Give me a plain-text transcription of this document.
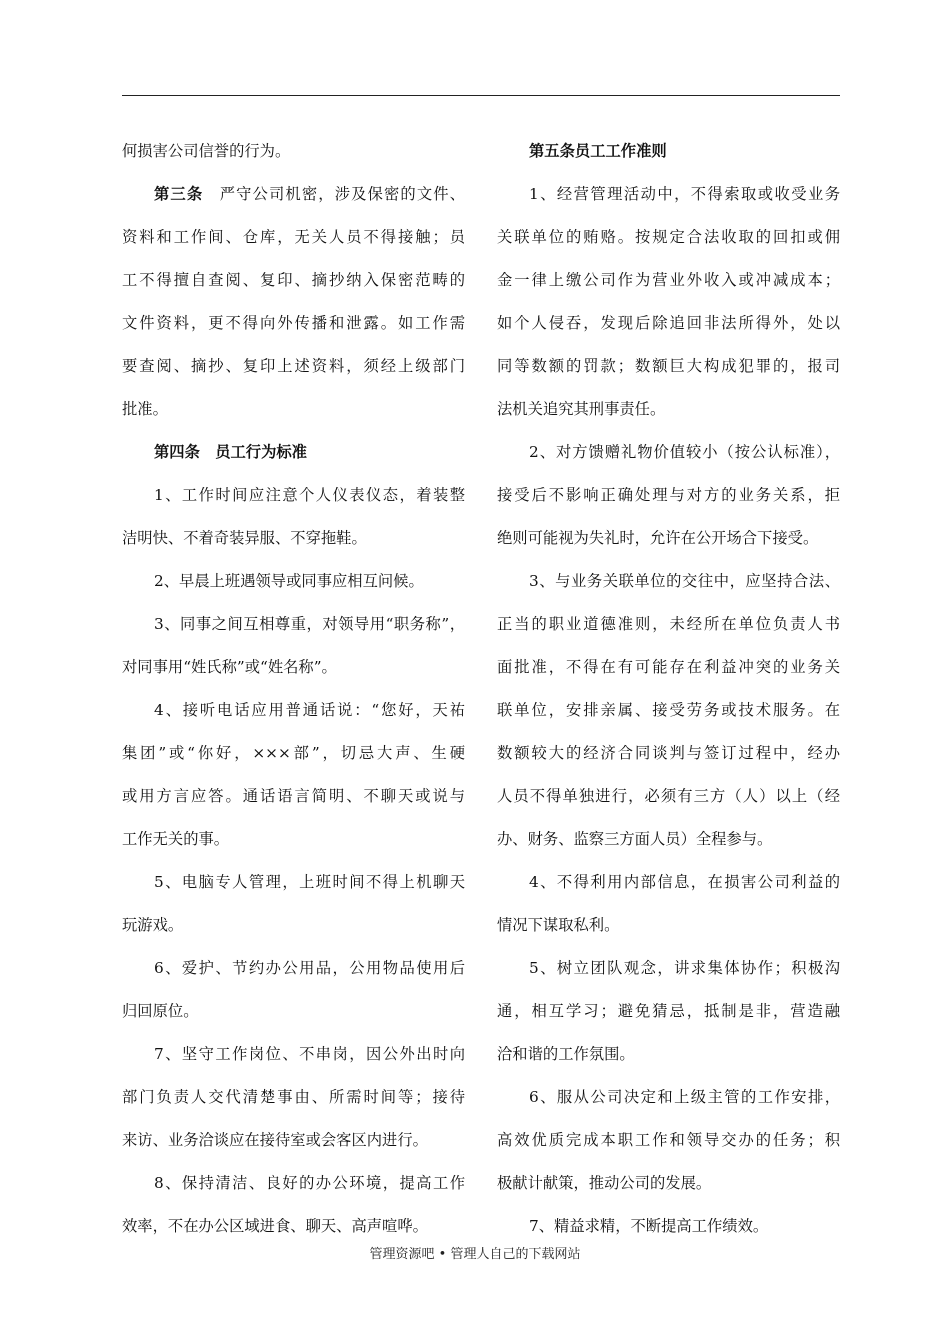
何损害公司信誉的行为。
第三条　严守公司机密，涉及保密的文件、
资料和工作间、仓库，无关人员不得接触；员
工不得擅自查阅、复印、摘抄纳入保密范畴的
文件资料，更不得向外传播和泄露。如工作需
要查阅、摘抄、复印上述资料，须经上级部门
批准。
第四条　员工行为标准
1、工作时间应注意个人仪表仪态，着装整
洁明快、不着奇装异服、不穿拖鞋。
2、早晨上班遇领导或同事应相互问候。
3、同事之间互相尊重，对领导用“职务称”，
对同事用“姓氏称”或“姓名称”。
4、接听电话应用普通话说：“您好，天祐
集团”或“你好，×××部”，切忌大声、生硬
或用方言应答。通话语言简明、不聊天或说与
工作无关的事。
5、电脑专人管理，上班时间不得上机聊天
玩游戏。
6、爱护、节约办公用品，公用物品使用后
归回原位。
7、坚守工作岗位、不串岗，因公外出时向
部门负责人交代清楚事由、所需时间等；接待
来访、业务洽谈应在接待室或会客区内进行。
8、保持清洁、良好的办公环境，提高工作
效率，不在办公区域进食、聊天、高声喧哗。
第五条员工工作准则
1、经营管理活动中，不得索取或收受业务
关联单位的贿赂。按规定合法收取的回扣或佣
金一律上缴公司作为营业外收入或冲减成本；
如个人侵吞，发现后除追回非法所得外，处以
同等数额的罚款；数额巨大构成犯罪的，报司
法机关追究其刑事责任。
2、对方馈赠礼物价值较小（按公认标准），
接受后不影响正确处理与对方的业务关系，拒
绝则可能视为失礼时，允许在公开场合下接受。
3、与业务关联单位的交往中，应坚持合法、
正当的职业道德准则，未经所在单位负责人书
面批准，不得在有可能存在利益冲突的业务关
联单位，安排亲属、接受劳务或技术服务。在
数额较大的经济合同谈判与签订过程中，经办
人员不得单独进行，必须有三方（人）以上（经
办、财务、监察三方面人员）全程参与。
4、不得利用内部信息，在损害公司利益的
情况下谋取私利。
5、树立团队观念，讲求集体协作；积极沟
通，相互学习；避免猜忌，抵制是非，营造融
洽和谐的工作氛围。
6、服从公司决定和上级主管的工作安排，
高效优质完成本职工作和领导交办的任务；积
极献计献策，推动公司的发展。
7、精益求精，不断提高工作绩效。
管理资源吧 • 管理人自己的下载网站
